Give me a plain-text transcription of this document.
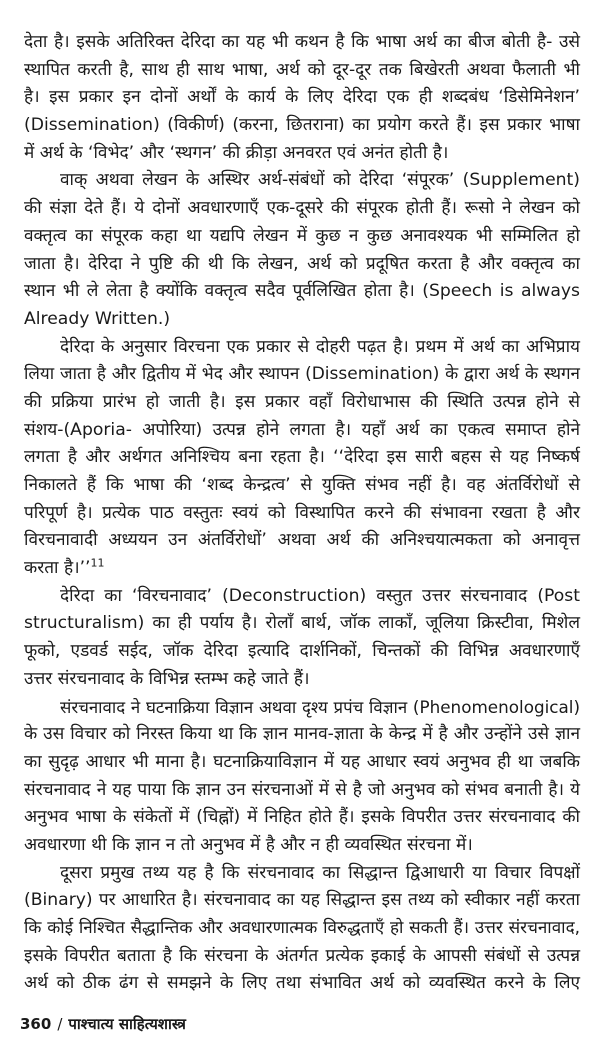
देता है। इसके अतिरिक्त देरिदा का यह भी कथन है कि भाषा अर्थ का बीज बोती है- उसे
स्थापित करती है, साथ ही साथ भाषा, अर्थ को दूर-दूर तक बिखेरती अथवा फैलाती भी
है। इस प्रकार इन दोनों अर्थों के कार्य के लिए देरिदा एक ही शब्दबंध ‘डिसेमिनेशन’
(Dissemination) (विकीर्ण) (करना, छितराना) का प्रयोग करते हैं। इस प्रकार भाषा
में अर्थ के ‘विभेद’ और ‘स्थगन’ की क्रीड़ा अनवरत एवं अनंत होती है।
वाक् अथवा लेखन के अस्थिर अर्थ-संबंधों को देरिदा ‘संपूरक’ (Supplement)
की संज्ञा देते हैं। ये दोनों अवधारणाएँ एक-दूसरे की संपूरक होती हैं। रूसो ने लेखन को
वक्तृत्व का संपूरक कहा था यद्यपि लेखन में कुछ न कुछ अनावश्यक भी सम्मिलित हो
जाता है। देरिदा ने पुष्टि की थी कि लेखन, अर्थ को प्रदूषित करता है और वक्तृत्व का
स्थान भी ले लेता है क्योंकि वक्तृत्व सदैव पूर्वलिखित होता है। (Speech is always
Already Written.)
देरिदा के अनुसार विरचना एक प्रकार से दोहरी पढ़त है। प्रथम में अर्थ का अभिप्राय
लिया जाता है और द्वितीय में भेद और स्थापन (Dissemination) के द्वारा अर्थ के स्थगन
की प्रक्रिया प्रारंभ हो जाती है। इस प्रकार वहाँ विरोधाभास की स्थिति उत्पन्न होने से
संशय-(Aporia- अपोरिया) उत्पन्न होने लगता है। यहाँ अर्थ का एकत्व समाप्त होने
लगता है और अर्थगत अनिश्चिय बना रहता है। ‘‘देरिदा इस सारी बहस से यह निष्कर्ष
निकालते हैं कि भाषा की ‘शब्द केन्द्रत्व’ से युक्ति संभव नहीं है। वह अंतर्विरोधों से
परिपूर्ण है। प्रत्येक पाठ वस्तुतः स्वयं को विस्थापित करने की संभावना रखता है और
विरचनावादी अध्ययन उन अंतर्विरोधों’ अथवा अर्थ की अनिश्चयात्मकता को अनावृत्त
करता है।’’$^{11}$
देरिदा का ‘विरचनावाद’ (Deconstruction) वस्तुत उत्तर संरचनावाद (Post
structuralism) का ही पर्याय है। रोलाँ बार्थ, जॉक लाकाँ, जूलिया क्रिस्टीवा, मिशेल
फूको, एडवर्ड सईद, जॉक देरिदा इत्यादि दार्शनिकों, चिन्तकों की विभिन्न अवधारणाएँ
उत्तर संरचनावाद के विभिन्न स्तम्भ कहे जाते हैं।
संरचनावाद ने घटनाक्रिया विज्ञान अथवा दृश्य प्रपंच विज्ञान (Phenomenological)
के उस विचार को निरस्त किया था कि ज्ञान मानव-ज्ञाता के केन्द्र में है और उन्होंने उसे ज्ञान
का सुदृढ़ आधार भी माना है। घटनाक्रियाविज्ञान में यह आधार स्वयं अनुभव ही था जबकि
संरचनावाद ने यह पाया कि ज्ञान उन संरचनाओं में से है जो अनुभव को संभव बनाती है। ये
अनुभव भाषा के संकेतों में (चिह्नों) में निहित होते हैं। इसके विपरीत उत्तर संरचनावाद की
अवधारणा थी कि ज्ञान न तो अनुभव में है और न ही व्यवस्थित संरचना में।
दूसरा प्रमुख तथ्य यह है कि संरचनावाद का सिद्धान्त द्विआधारी या विचार विपक्षों
(Binary) पर आधारित है। संरचनावाद का यह सिद्धान्त इस तथ्य को स्वीकार नहीं करता
कि कोई निश्चित सैद्धान्तिक और अवधारणात्मक विरुद्धताएँ हो सकती हैं। उत्तर संरचनावाद,
इसके विपरीत बताता है कि संरचना के अंतर्गत प्रत्येक इकाई के आपसी संबंधों से उत्पन्न
अर्थ को ठीक ढंग से समझने के लिए तथा संभावित अर्थ को व्यवस्थित करने के लिए
360 / पाश्चात्य साहित्यशास्त्र
